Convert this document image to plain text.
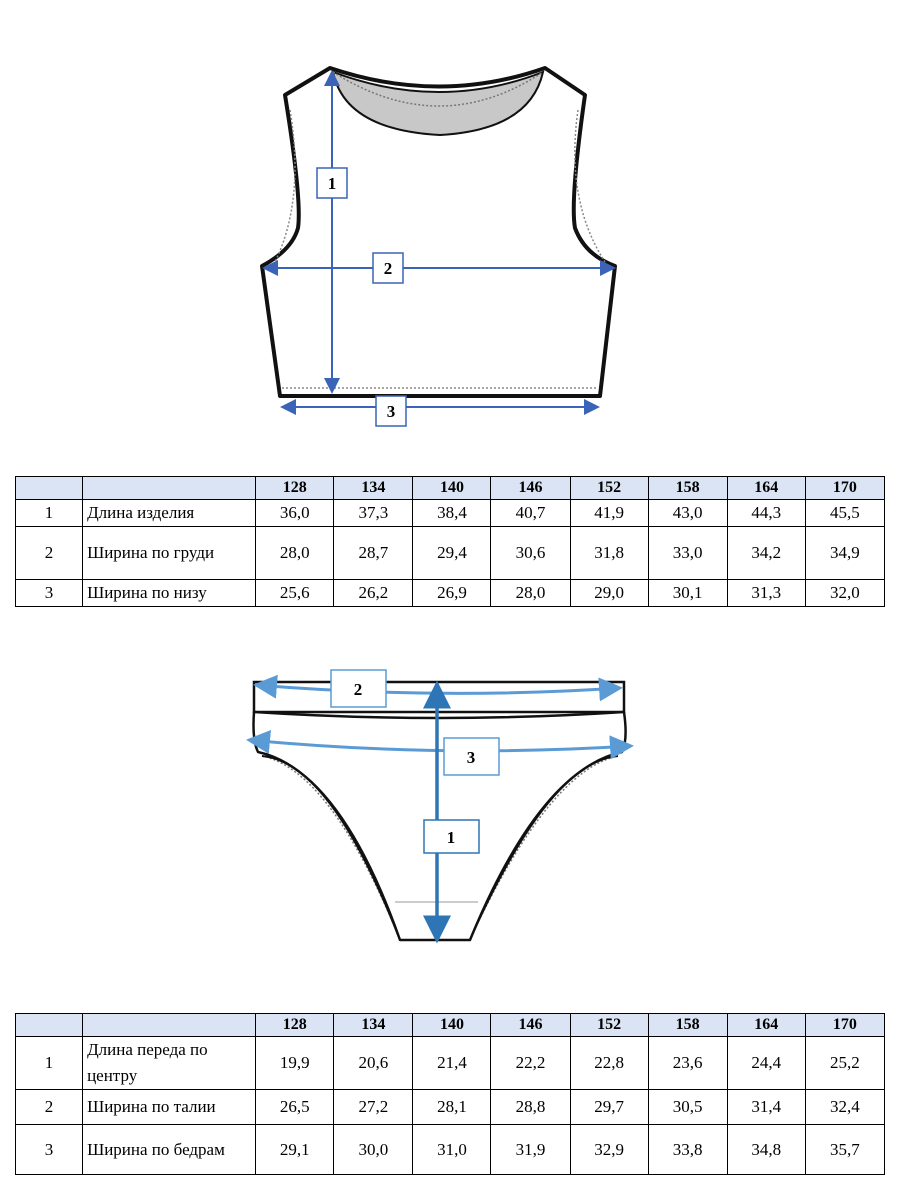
1
2
3
		128	134	140	146	152	158	164	170
1	Длина изделия	36,0	37,3	38,4	40,7	41,9	43,0	44,3	45,5
2	Ширина по груди	28,0	28,7	29,4	30,6	31,8	33,0	34,2	34,9
3	Ширина по низу	25,6	26,2	26,9	28,0	29,0	30,1	31,3	32,0
2
3
1
		128	134	140	146	152	158	164	170
1	Длина переда по центру	19,9	20,6	21,4	22,2	22,8	23,6	24,4	25,2
2	Ширина по талии	26,5	27,2	28,1	28,8	29,7	30,5	31,4	32,4
3	Ширина по бедрам	29,1	30,0	31,0	31,9	32,9	33,8	34,8	35,7
